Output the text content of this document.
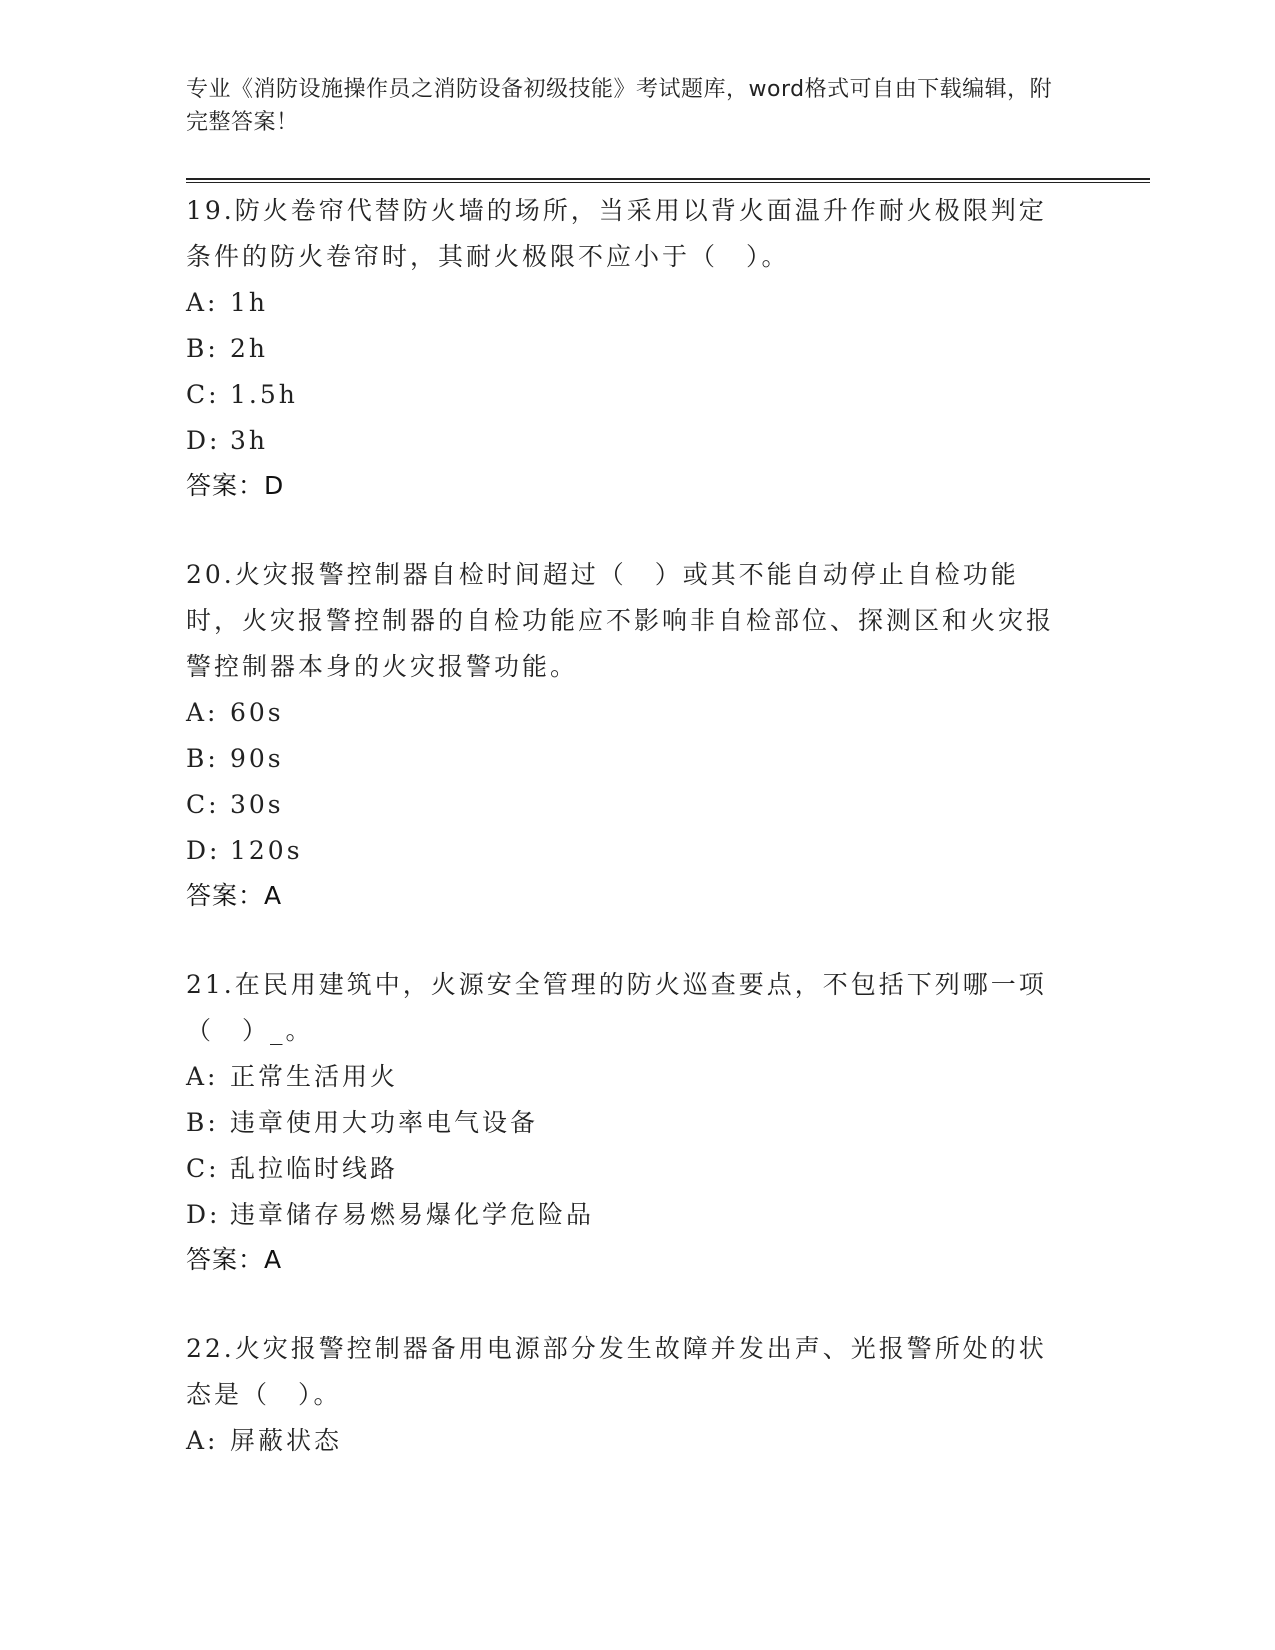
专业《消防设施操作员之消防设备初级技能》考试题库，word格式可自由下载编辑，附完整答案！

19.防火卷帘代替防火墙的场所，当采用以背火面温升作耐火极限判定条件的防火卷帘时，其耐火极限不应小于（　）。

A: 1h

B: 2h

C: 1.5h

D: 3h

答案：D

20.火灾报警控制器自检时间超过（　）或其不能自动停止自检功能时，火灾报警控制器的自检功能应不影响非自检部位、探测区和火灾报警控制器本身的火灾报警功能。

A: 60s

B: 90s

C: 30s

D: 120s

答案：A

21.在民用建筑中，火源安全管理的防火巡查要点，不包括下列哪一项（　）_。

A: 正常生活用火

B: 违章使用大功率电气设备

C: 乱拉临时线路

D: 违章储存易燃易爆化学危险品

答案：A

22.火灾报警控制器备用电源部分发生故障并发出声、光报警所处的状态是（　）。

A: 屏蔽状态
